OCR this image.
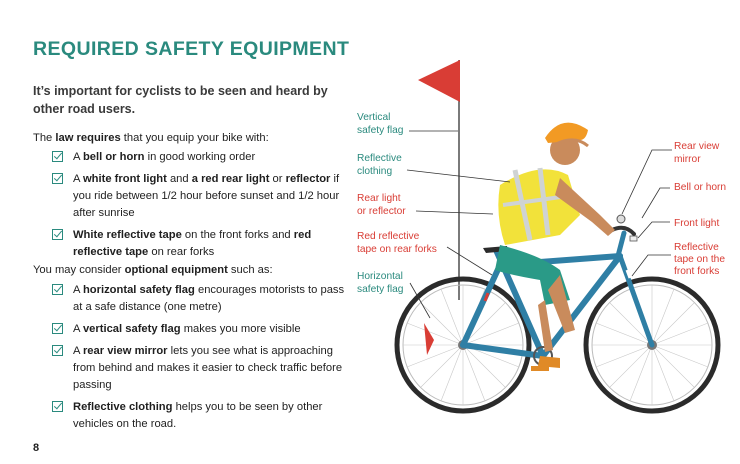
REQUIRED SAFETY EQUIPMENT
It’s important for cyclists to be seen and heard by other road users.
The law requires that you equip your bike with:
A bell or horn in good working order
A white front light and a red rear light or reflector if you ride between 1/2 hour before sunset and 1/2 hour after sunrise
White reflective tape on the front forks and red reflective tape on rear forks
You may consider optional equipment such as:
A horizontal safety flag encourages motorists to pass at a safe distance (one metre)
A vertical safety flag makes you more visible
A rear view mirror lets you see what is approaching from behind and makes it easier to check traffic before passing
Reflective clothing helps you to be seen by other vehicles on the road.
8
Vertical safety flag
Reflective clothing
Rear light or reflector
Red reflective tape on rear forks
Horizontal safety flag
Rear view mirror
Bell or horn
Front light
Reflective tape on the front forks
